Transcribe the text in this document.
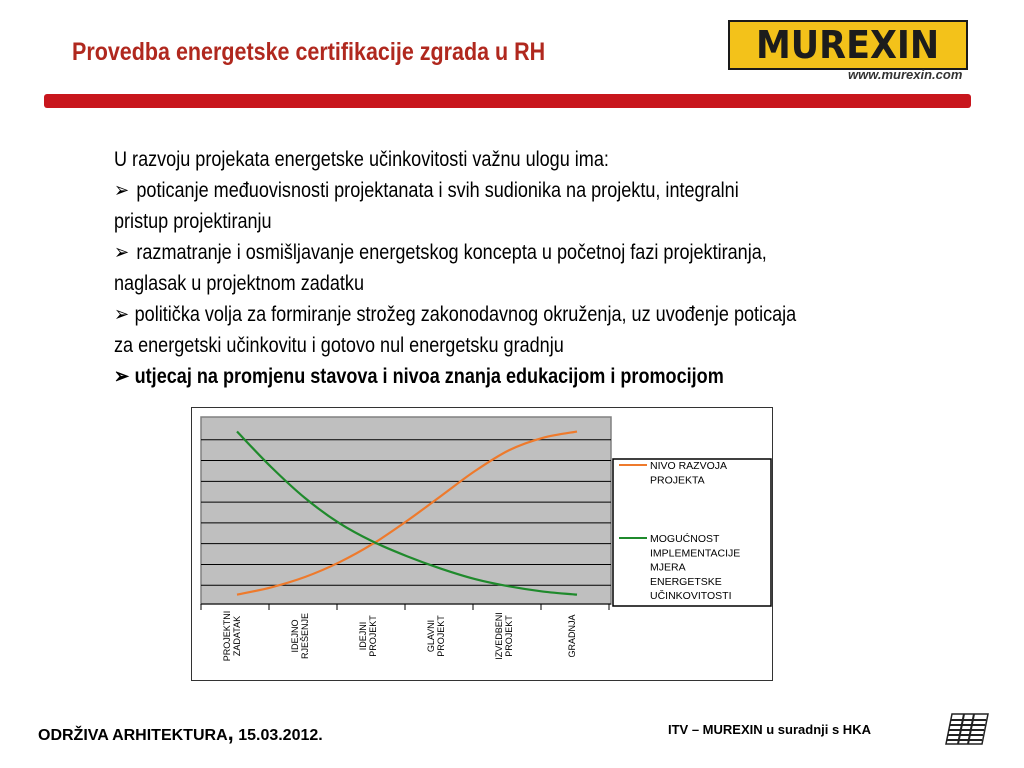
Provedba energetske certifikacije zgrada u RH	MUREXIN
www.murexin.com
U razvoju projekata energetske učinkovitosti važnu ulogu ima:
➢ poticanje međuovisnosti projektanata i svih sudionika na projektu, integralni
pristup projektiranju
➢ razmatranje i osmišljavanje energetskog koncepta u početnoj fazi projektiranja,
naglasak u projektnom zadatku
➢ politička volja za formiranje strožeg zakonodavnog okruženja, uz uvođenje poticaja
za energetski učinkovitu i gotovo nul energetsku gradnju
➢ utjecaj na promjenu stavova i nivoa znanja edukacijom i promocijom
PROJEKTNI ZADATAK	IDEJNO RJEŠENJE	IDEJNI PROJEKT	GLAVNI PROJEKT	IZVEDBENI PROJEKT	GRADNJA
NIVO RAZVOJA
PROJEKTA
MOGUĆNOST
IMPLEMENTACIJE
MJERA
ENERGETSKE
UČINKOVITOSTI
ODRŽIVA ARHITEKTURA, 15.03.2012.	ITV – MUREXIN u suradnji s HKA
